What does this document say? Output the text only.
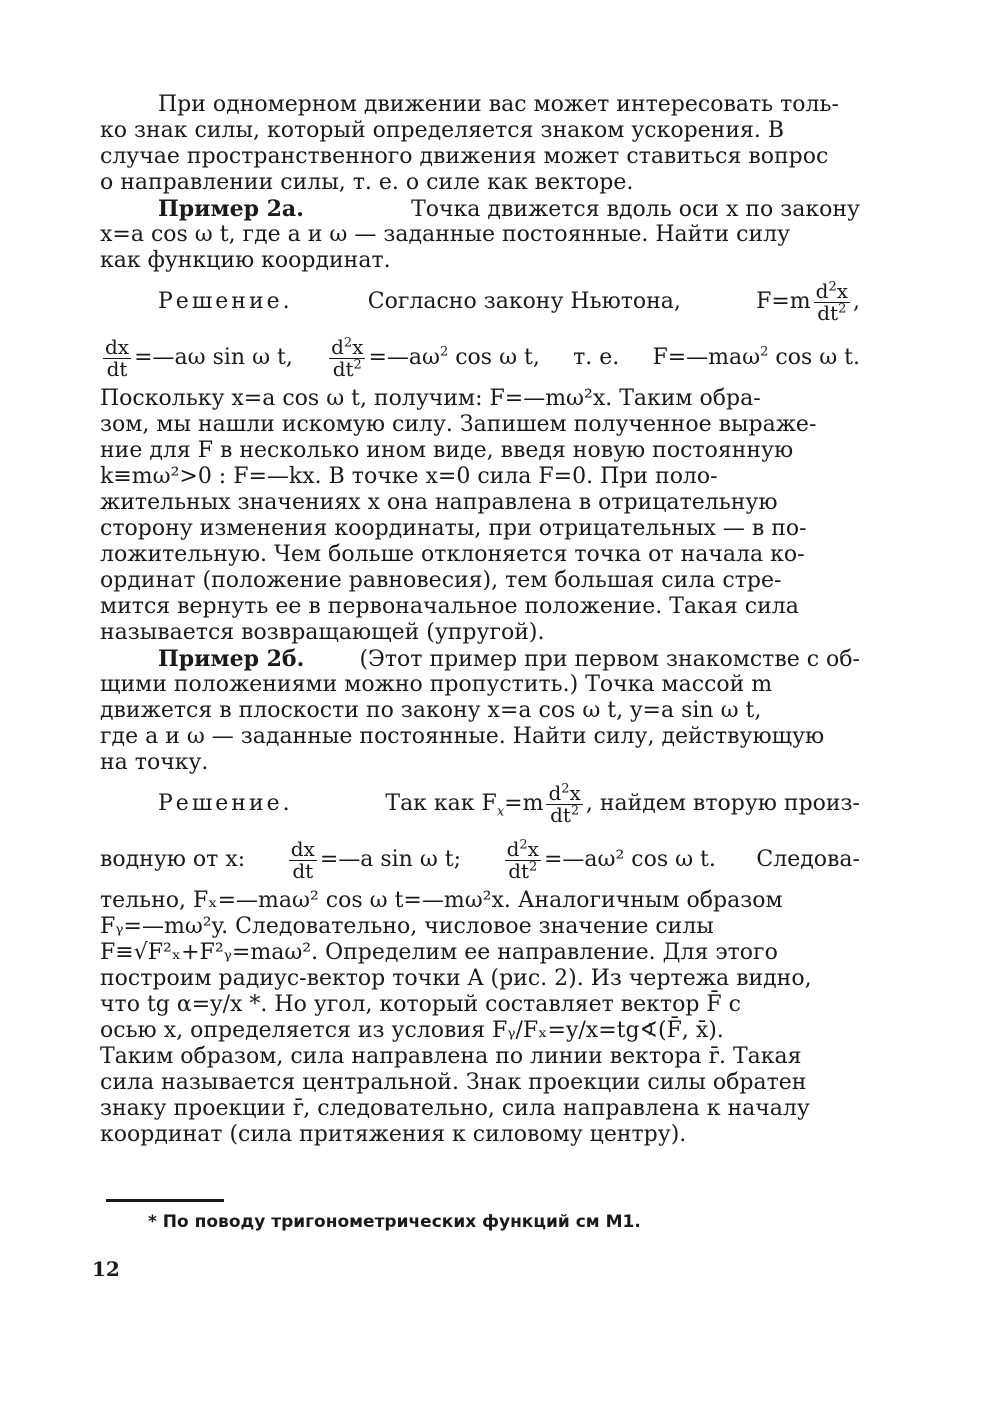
При одномерном движении вас может интересовать толь-
ко знак силы, который определяется знаком ускорения. В
случае пространственного движения может ставиться вопрос
о направлении силы, т. е. о силе как векторе.
Пример 2а.
	Точка движется вдоль оси x по закону
x=a cos ω t, где a и ω — заданные постоянные. Найти силу
как функцию координат.
Решение.	Согласно закону Ньютона,	$F=m \frac{d^2x}{dt^2}$ ,
$\frac{dx}{dt}$ =—aω sin ω t, $\frac{d^2x}{dt^2}$ $=—a\omega^2$ cos ω t, т. е. F=—maω$^2$ cos ω t.
Поскольку x=a cos ω t, получим: F=—mω²x. Таким обра-
зом, мы нашли искомую силу. Запишем полученное выраже-
ние для F в несколько ином виде, введя новую постоянную
k≡mω²>0 : F=—kx. В точке x=0 сила F=0. При поло-
жительных значениях x она направлена в отрицательную
сторону изменения координаты, при отрицательных — в по-
ложительную. Чем больше отклоняется точка от начала ко-
ординат (положение равновесия), тем большая сила стре-
мится вернуть ее в первоначальное положение. Такая сила
называется возвращающей (упругой).
Пример 2б.
	(Этот пример при первом знакомстве с об-
щими положениями можно пропустить.) Точка массой m
движется в плоскости по закону x=a cos ω t, y=a sin ω t,
где a и ω — заданные постоянные. Найти силу, действующую
на точку.
Решение.	Так как $F_x=m \frac{d^2x}{dt^2}$ , найдем вторую произ-
водную от x: $\frac{dx}{dt}$ =—a sin ω t; $\frac{d^2x}{dt^2}$ =—aω² cos ω t. Следова-
тельно, Fₓ=—maω² cos ω t=—mω²x. Аналогичным образом
Fᵧ=—mω²y. Следовательно, числовое значение силы
F≡√F²ₓ+F²ᵧ=maω². Определим ее направление. Для этого
построим радиус-вектор точки A (рис. 2). Из чертежа видно,
что tg α=y/x *. Но угол, который составляет вектор F̄ с
осью x, определяется из условия Fᵧ/Fₓ=y/x=tg∢(F̄, x̄).
Таким образом, сила направлена по линии вектора r̄. Такая
сила называется центральной. Знак проекции силы обратен
знаку проекции r̄, следовательно, сила направлена к началу
координат (сила притяжения к силовому центру).
* По поводу тригонометрических функций см M1.
12
